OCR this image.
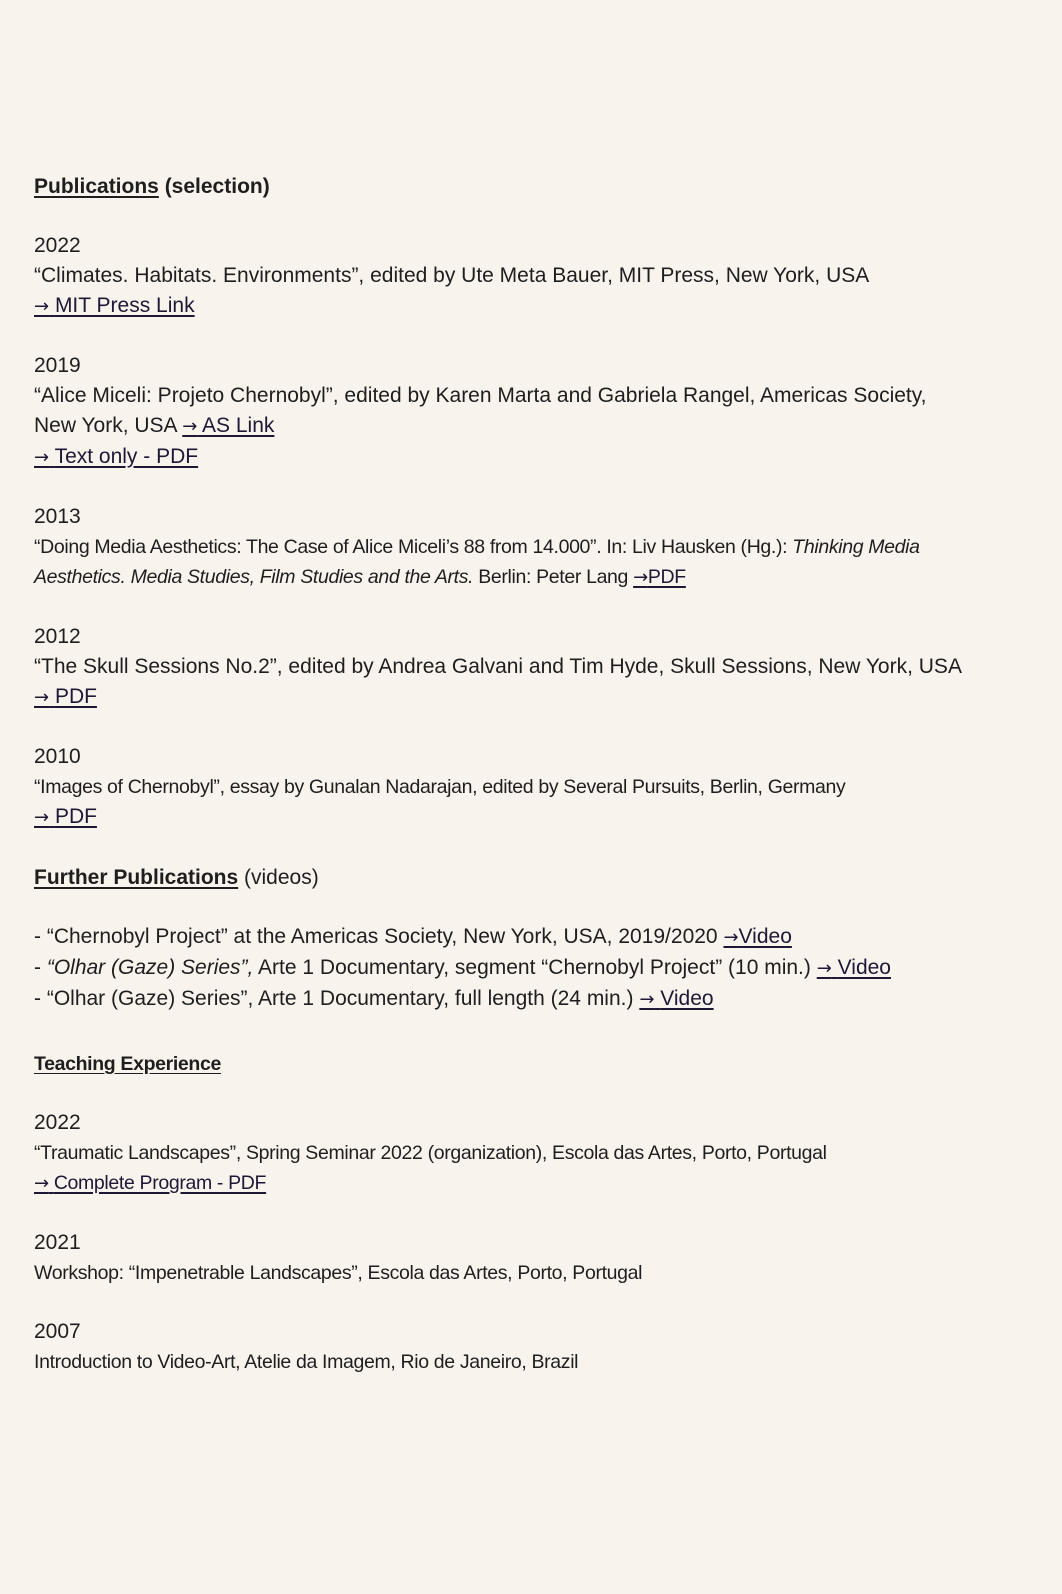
Publications (selection)
2022
“Climates. Habitats. Environments”, edited by Ute Meta Bauer, MIT Press, New York, USA
→ MIT Press Link
2019
“Alice Miceli: Projeto Chernobyl”, edited by Karen Marta and Gabriela Rangel, Americas Society,
New York, USA → AS Link
→ Text only - PDF
2013
“Doing Media Aesthetics: The Case of Alice Miceli’s 88 from 14.000”. In: Liv Hausken (Hg.): Thinking Media
Aesthetics. Media Studies, Film Studies and the Arts. Berlin: Peter Lang →PDF
2012
“The Skull Sessions No.2”, edited by Andrea Galvani and Tim Hyde, Skull Sessions, New York, USA
→ PDF
2010
“Images of Chernobyl”, essay by Gunalan Nadarajan, edited by Several Pursuits, Berlin, Germany
→ PDF
Further Publications (videos)
- “Chernobyl Project” at the Americas Society, New York, USA, 2019/2020 →Video
- “Olhar (Gaze) Series”, Arte 1 Documentary, segment “Chernobyl Project” (10 min.) → Video
- “Olhar (Gaze) Series”, Arte 1 Documentary, full length (24 min.) → Video
Teaching Experience
2022
“Traumatic Landscapes”, Spring Seminar 2022 (organization), Escola das Artes, Porto, Portugal
→ Complete Program - PDF
2021
Workshop: “Impenetrable Landscapes”, Escola das Artes, Porto, Portugal
2007
Introduction to Video-Art, Atelie da Imagem, Rio de Janeiro, Brazil
